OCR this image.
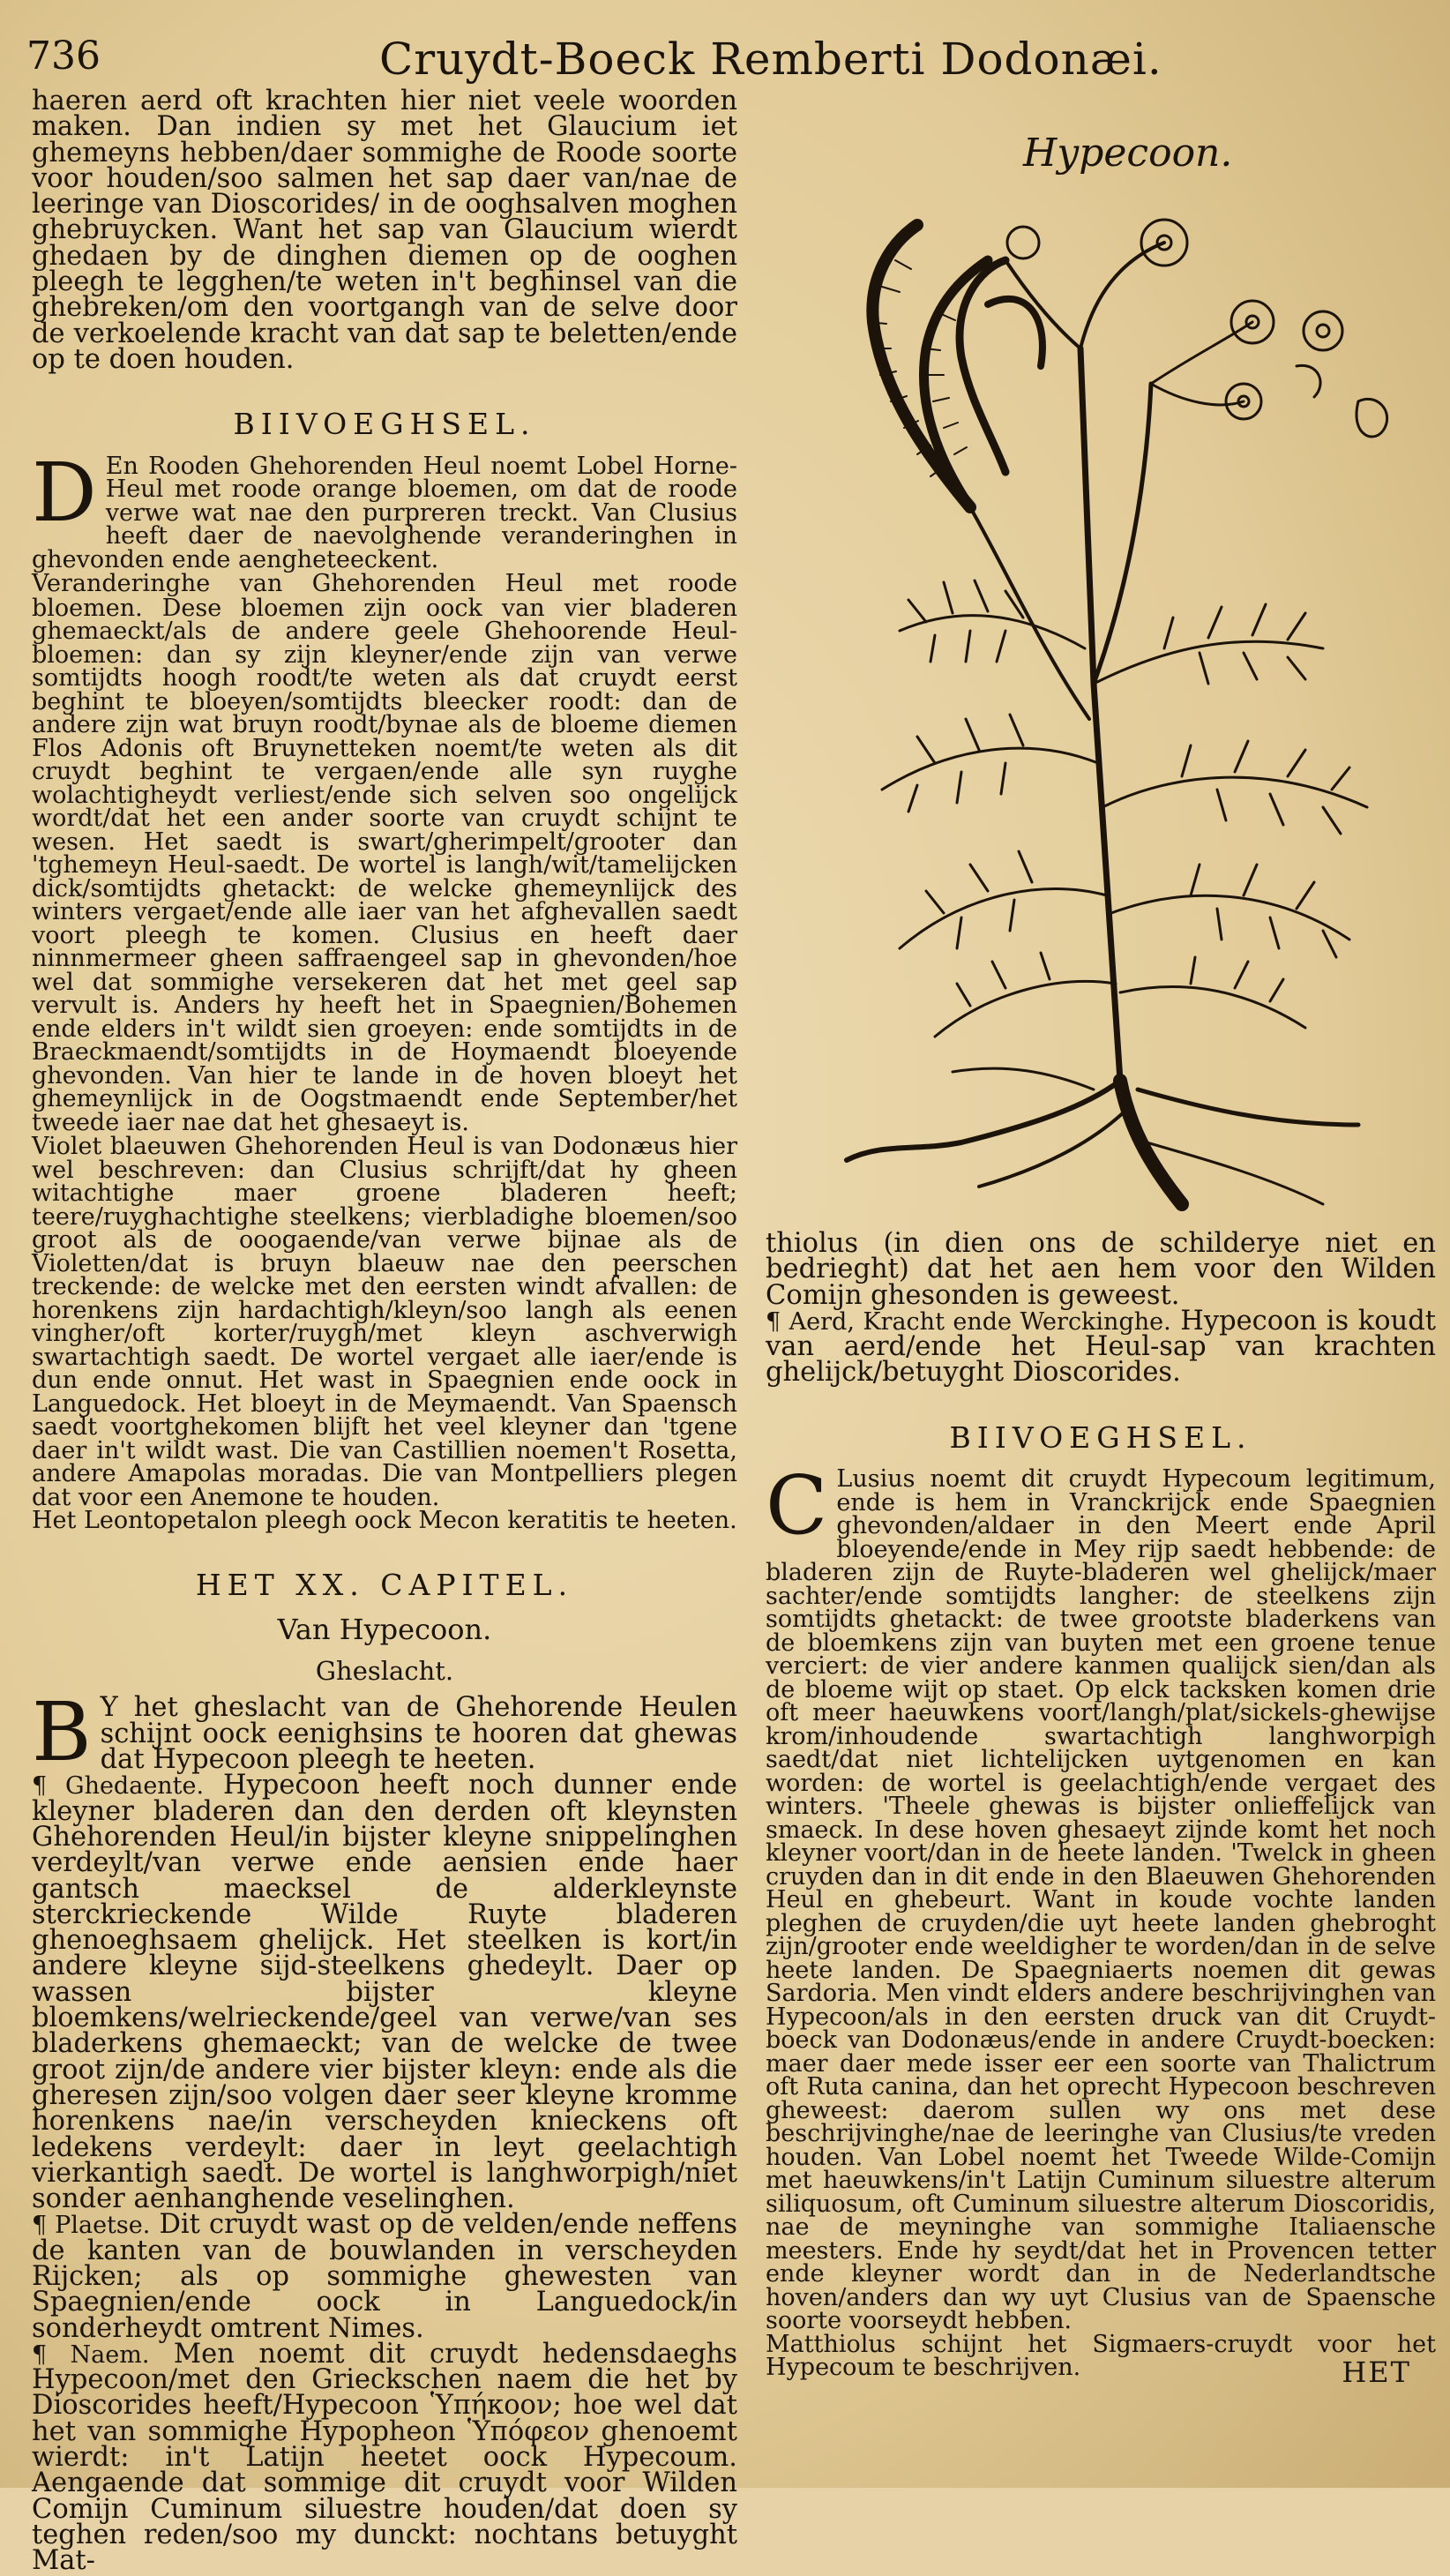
736	Cruydt-Boeck Remberti Dodonæi.

haeren aerd oft krachten hier niet veele woorden maken. Dan indien sy met het Glaucium iet ghemeyns hebben/daer sommighe de Roode soorte voor houden/soo salmen het sap daer van/nae de leeringe van Dioscorides/ in de ooghsalven moghen ghebruycken. Want het sap van Glaucium wierdt ghedaen by de dinghen diemen op de ooghen pleegh te legghen/te weten in't beghinsel van die ghebreken/om den voortgangh van de selve door de verkoelende kracht van dat sap te beletten/ende op te doen houden.

BIIVOEGHSEL.

D En Rooden Ghehorenden Heul noemt Lobel Horne-Heul met roode orange bloemen, om dat de roode verwe wat nae den purpreren treckt. Van Clusius heeft daer de naevolghende veranderinghen in ghevonden ende aengheteeckent.

Veranderinghe van Ghehorenden Heul met roode bloemen. Dese bloemen zijn oock van vier bladeren ghemaeckt/als de andere geele Ghehoorende Heul-bloemen: dan sy zijn kleyner/ende zijn van verwe somtijdts hoogh roodt/te weten als dat cruydt eerst beghint te bloeyen/somtijdts bleecker roodt: dan de andere zijn wat bruyn roodt/bynae als de bloeme diemen Flos Adonis oft Bruynetteken noemt/te weten als dit cruydt beghint te vergaen/ende alle syn ruyghe wolachtigheydt verliest/ende sich selven soo ongelijck wordt/dat het een ander soorte van cruydt schijnt te wesen. Het saedt is swart/gherimpelt/grooter dan 'tghemeyn Heul-saedt. De wortel is langh/wit/tamelijcken dick/somtijdts ghetackt: de welcke ghemeynlijck des winters vergaet/ende alle iaer van het afghevallen saedt voort pleegh te komen. Clusius en heeft daer ninnmermeer gheen saffraengeel sap in ghevonden/hoe wel dat sommighe versekeren dat het met geel sap vervult is. Anders hy heeft het in Spaegnien/Bohemen ende elders in't wildt sien groeyen: ende somtijdts in de Braeckmaendt/somtijdts in de Hoymaendt bloeyende ghevonden. Van hier te lande in de hoven bloeyt het ghemeynlijck in de Oogstmaendt ende September/het tweede iaer nae dat het ghesaeyt is.

Violet blaeuwen Ghehorenden Heul is van Dodonæus hier wel beschreven: dan Clusius schrijft/dat hy gheen witachtighe maer groene bladeren heeft; teere/ruyghachtighe steelkens; vierbladighe bloemen/soo groot als de ooogaende/van verwe bijnae als de Violetten/dat is bruyn blaeuw nae den peerschen treckende: de welcke met den eersten windt afvallen: de horenkens zijn hardachtigh/kleyn/soo langh als eenen vingher/oft korter/ruygh/met kleyn aschverwigh swartachtigh saedt. De wortel vergaet alle iaer/ende is dun ende onnut. Het wast in Spaegnien ende oock in Languedock. Het bloeyt in de Meymaendt. Van Spaensch saedt voortghekomen blijft het veel kleyner dan 'tgene daer in't wildt wast. Die van Castillien noemen't Rosetta, andere Amapolas moradas. Die van Montpelliers plegen dat voor een Anemone te houden.

Het Leontopetalon pleegh oock Mecon keratitis te heeten.

HET XX. CAPITEL.
Van Hypecoon.
Gheslacht.

B Y het gheslacht van de Ghehorende Heulen schijnt oock eenighsins te hooren dat ghewas dat Hypecoon pleegh te heeten.

¶ Ghedaente. Hypecoon heeft noch dunner ende kleyner bladeren dan den derden oft kleynsten Ghehorenden Heul/in bijster kleyne snippelinghen verdeylt/van verwe ende aensien ende haer gantsch maecksel de alderkleynste sterckrieckende Wilde Ruyte bladeren ghenoeghsaem ghelijck. Het steelken is kort/in andere kleyne sijd-steelkens ghedeylt. Daer op wassen bijster kleyne bloemkens/welrieckende/geel van verwe/van ses bladerkens ghemaeckt; van de welcke de twee groot zijn/de andere vier bijster kleyn: ende als die gheresen zijn/soo volgen daer seer kleyne kromme horenkens nae/in verscheyden knieckens oft ledekens verdeylt: daer in leyt geelachtigh vierkantigh saedt. De wortel is langhworpigh/niet sonder aenhanghende veselinghen.

¶ Plaetse. Dit cruydt wast op de velden/ende neffens de kanten van de bouwlanden in verscheyden Rijcken; als op sommighe ghewesten van Spaegnien/ende oock in Languedock/in sonderheydt omtrent Nimes.

¶ Naem. Men noemt dit cruydt hedensdaeghs Hypecoon/met den Grieckschen naem die het by Dioscorides heeft/Hypecoon Ὑπήκοον; hoe wel dat het van sommighe Hypopheon Ὑπόφεον ghenoemt wierdt: in't Latijn heetet oock Hypecoum. Aengaende dat sommige dit cruydt voor Wilden Comijn Cuminum siluestre houden/dat doen sy teghen reden/soo my dunckt: nochtans betuyght Mat-

Hypecoon.

thiolus (in dien ons de schilderye niet en bedrieght) dat het aen hem voor den Wilden Comijn ghesonden is geweest.

¶ Aerd, Kracht ende Werckinghe. Hypecoon is koudt van aerd/ende het Heul-sap van krachten ghelijck/betuyght Dioscorides.

BIIVOEGHSEL.

C Lusius noemt dit cruydt Hypecoum legitimum, ende is hem in Vranckrijck ende Spaegnien ghevonden/aldaer in den Meert ende April bloeyende/ende in Mey rijp saedt hebbende: de bladeren zijn de Ruyte-bladeren wel ghelijck/maer sachter/ende somtijdts langher: de steelkens zijn somtijdts ghetackt: de twee grootste bladerkens van de bloemkens zijn van buyten met een groene tenue verciert: de vier andere kanmen qualijck sien/dan als de bloeme wijt op staet. Op elck tacksken komen drie oft meer haeuwkens voort/langh/plat/sickels-ghewijse krom/inhoudende swartachtigh langhworpigh saedt/dat niet lichtelijcken uytgenomen en kan worden: de wortel is geelachtigh/ende vergaet des winters. 'Theele ghewas is bijster onlieffelijck van smaeck. In dese hoven ghesaeyt zijnde komt het noch kleyner voort/dan in de heete landen. 'Twelck in gheen cruyden dan in dit ende in den Blaeuwen Ghehorenden Heul en ghebeurt. Want in koude vochte landen pleghen de cruyden/die uyt heete landen ghebroght zijn/grooter ende weeldigher te worden/dan in de selve heete landen. De Spaegniaerts noemen dit gewas Sardoria. Men vindt elders andere beschrijvinghen van Hypecoon/als in den eersten druck van dit Cruydt-boeck van Dodonæus/ende in andere Cruydt-boecken: maer daer mede isser eer een soorte van Thalictrum oft Ruta canina, dan het oprecht Hypecoon beschreven gheweest: daerom sullen wy ons met dese beschrijvinghe/nae de leeringhe van Clusius/te vreden houden. Van Lobel noemt het Tweede Wilde-Comijn met haeuwkens/in't Latijn Cuminum siluestre alterum siliquosum, oft Cuminum siluestre alterum Dioscoridis, nae de meyninghe van sommighe Italiaensche meesters. Ende hy seydt/dat het in Provencen tetter ende kleyner wordt dan in de Nederlandtsche hoven/anders dan wy uyt Clusius van de Spaensche soorte voorseydt hebben.

Matthiolus schijnt het Sigmaers-cruydt voor het Hypecoum te beschrijven.	HET
